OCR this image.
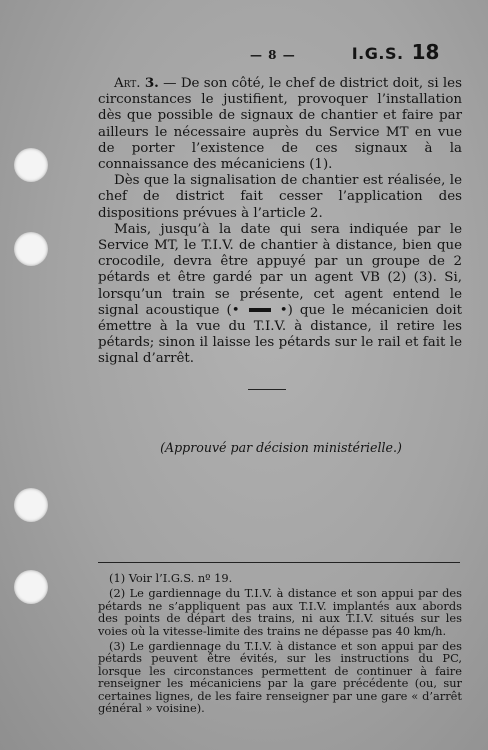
— 8 —	I.G.S. 18

Art. 3. — De son côté, le chef de district doit, si les circonstances le justifient, provoquer l’installation dès que possible de signaux de chantier et faire par ailleurs le nécessaire auprès du Service MT en vue de porter l’existence de ces signaux à la connaissance des mécaniciens (1).

Dès que la signalisation de chantier est réalisée, le chef de district fait cesser l’application des dispositions prévues à l’article 2.

Mais, jusqu’à la date qui sera indiquée par le Service MT, le T.I.V. de chantier à distance, bien que crocodile, devra être appuyé par un groupe de 2 pétards et être gardé par un agent VB (2) (3). Si, lorsqu’un train se présente, cet agent entend le signal acoustique (•	•) que le mécanicien doit émettre à la vue du T.I.V. à distance, il retire les pétards; sinon il laisse les pétards sur le rail et fait le signal d’arrêt.

(Approuvé par décision ministérielle.)

(1) Voir l’I.G.S. nº 19.

(2) Le gardiennage du T.I.V. à distance et son appui par des pétards ne s’appliquent pas aux T.I.V. implantés aux abords des points de départ des trains, ni aux T.I.V. situés sur les voies où la vitesse-limite des trains ne dépasse pas 40 km/h.

(3) Le gardiennage du T.I.V. à distance et son appui par des pétards peuvent être évités, sur les instructions du PC, lorsque les circonstances permettent de continuer à faire renseigner les mécaniciens par la gare précédente (ou, sur certaines lignes, de les faire renseigner par une gare « d’arrêt général » voisine).
